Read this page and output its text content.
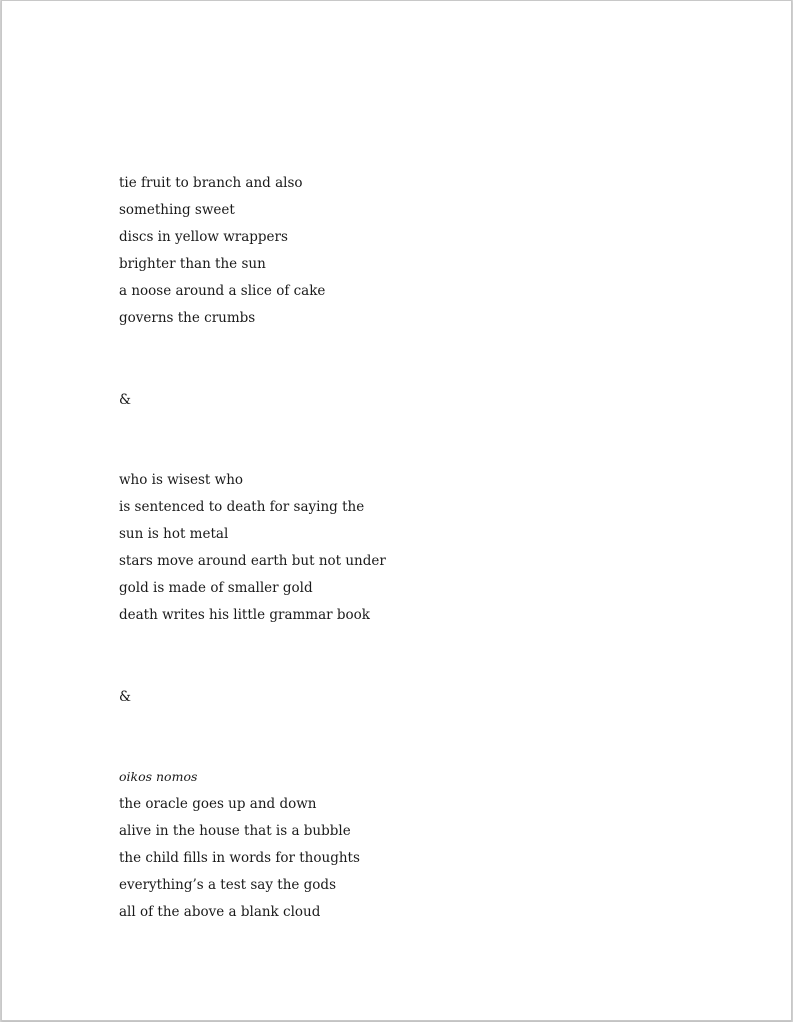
tie fruit to branch and also
something sweet
discs in yellow wrappers
brighter than the sun
a noose around a slice of cake
governs the crumbs
&
who is wisest who
is sentenced to death for saying the
sun is hot metal
stars move around earth but not under
gold is made of smaller gold
death writes his little grammar book
&
oikos nomos
the oracle goes up and down
alive in the house that is a bubble
the child fills in words for thoughts
everything’s a test say the gods
all of the above a blank cloud
